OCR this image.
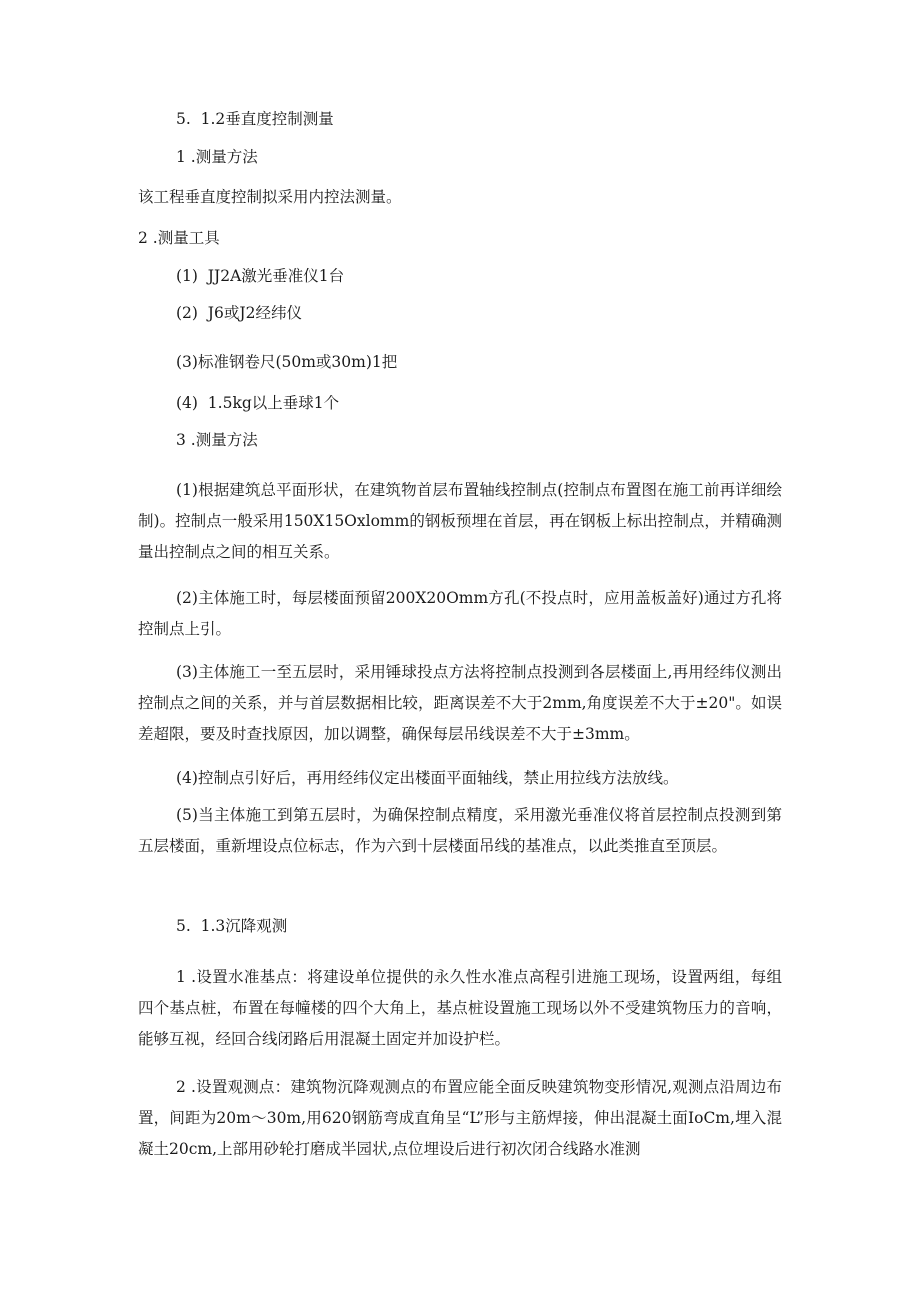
5.  1.2垂直度控制测量
1 .测量方法
该工程垂直度控制拟采用内控法测量。
2 .测量工具
(1)  JJ2A激光垂准仪1台
(2)  J6或J2经纬仪
(3)标准钢卷尺(50m或30m)1把
(4)  1.5kg以上垂球1个
3 .测量方法
(1)根据建筑总平面形状，在建筑物首层布置轴线控制点(控制点布置图在施工前再详细绘制)。控制点一般采用150X15Oxlomm的钢板预埋在首层，再在钢板上标出控制点，并精确测量出控制点之间的相互关系。
(2)主体施工时，每层楼面预留200X20Omm方孔(不投点时，应用盖板盖好)通过方孔将控制点上引。
(3)主体施工一至五层时，采用锤球投点方法将控制点投测到各层楼面上,再用经纬仪测出控制点之间的关系，并与首层数据相比较，距离误差不大于2mm,角度误差不大于±20"。如误差超限，要及时查找原因，加以调整，确保每层吊线误差不大于±3mm。
(4)控制点引好后，再用经纬仪定出楼面平面轴线，禁止用拉线方法放线。
(5)当主体施工到第五层时，为确保控制点精度，采用激光垂准仪将首层控制点投测到第五层楼面，重新埋设点位标志，作为六到十层楼面吊线的基准点，以此类推直至顶层。
5.  1.3沉降观测
1 .设置水准基点：将建设单位提供的永久性水准点高程引进施工现场，设置两组，每组四个基点桩，布置在每幢楼的四个大角上，基点桩设置施工现场以外不受建筑物压力的音响，能够互视，经回合线闭路后用混凝土固定并加设护栏。
2 .设置观测点：建筑物沉降观测点的布置应能全面反映建筑物变形情况,观测点沿周边布置，间距为20m～30m,用620钢筋弯成直角呈“L”形与主筋焊接，伸出混凝土面IoCm,埋入混凝土20cm,上部用砂轮打磨成半园状,点位埋设后进行初次闭合线路水准测
